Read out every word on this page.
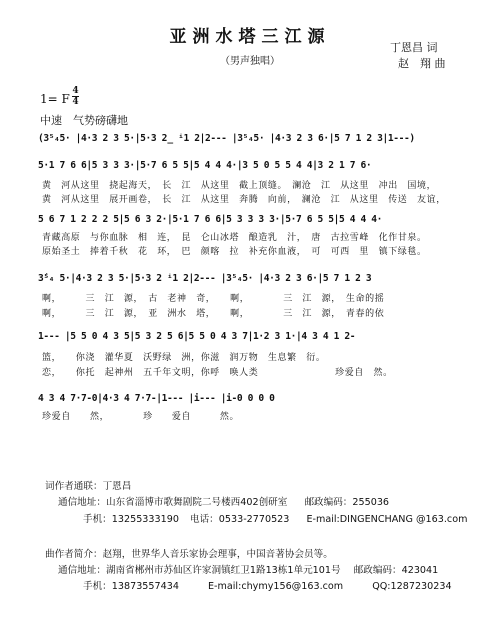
亚洲水塔三江源
（男声独唱）
丁恩昌 词
赵　翔 曲
1= F
4
4
中速　气势磅礴地
(3⁵₄5· |4·3 2 3 5·|5·3 2̲ ⁱ1 2|2--- |3⁵₄5· |4·3 2 3 6·|5 7 1 2 3|1---)
5·1 7 6 6|5 3 3 3·|5·7 6 5 5|5 4 4 4·|3 5 0 5 5 4 4|3 2 1 7 6·
黄　河从这里　挠起海天，　长　江　从这里　截上顶缝。　澜沧　江　从这里　冲出　国境，
黄　河从这里　展开画卷，　长　江　从这里　奔腾　向前，　澜沧　江　从这里　传送　友谊，
5 6 7 1 2 2 2 5|5 6 3 2·|5·1 7 6 6|5 3 3 3 3·|5·7 6 5 5|5 4 4 4·
青藏高原　与你血脉　相　连，　昆　仑山冰塔　酿造乳　汁，　唐　古拉雪峰　化作甘泉。
原始圣土　捧着千秋　花　环，　巴　颜喀　拉　补充你血液，　可　可西　里　镇下绿毯。
3̇⁵₄ 5·|4·3 2 3 5·|5·3 2 ⁱ1 2|2--- |3⁵₄5· |4·3 2 3 6·|5 7 1 2 3
啊，　　　三　江　源，　古　老神　奇，　　啊，　　　　三　江　源，　生命的摇
啊，　　　三　江　源，　亚　洲水　塔，　　啊，　　　　三　江　源，　青春的依
1--- |5 5 0 4 3 5|5 3 2 5 6|5 5 0 4 3 7|1·2 3 1·|4 3 4 1 2-
篮，　　你浇　灌华夏　沃野绿　洲，你滋　润万物　生息繁　衍。
恋，　　你托　起神州　五千年文明，你呼　唤人类　　　　　　　　珍爱自　然。
4 3 4 7·7-0|4·3 4 7·7-|1--- |i--- |i-0 0 0 0
珍爱自　　然，　　　　珍　　爱自　　　然。
词作者通联：丁恩昌
通信地址：山东省淄博市歌舞剧院二号楼西402创研室 邮政编码：255036
手机：13255333190 电话：0533-2770523 E-mail:DINGENCHANG @163.com
曲作者简介：赵翔，世界华人音乐家协会理事，中国音著协会员等。
通信地址：湖南省郴州市苏仙区许家洞镇红卫1路13栋1单元101号 邮政编码：423041
手机：13873557434	E-mail:chymy156@163.com	QQ:1287230234
